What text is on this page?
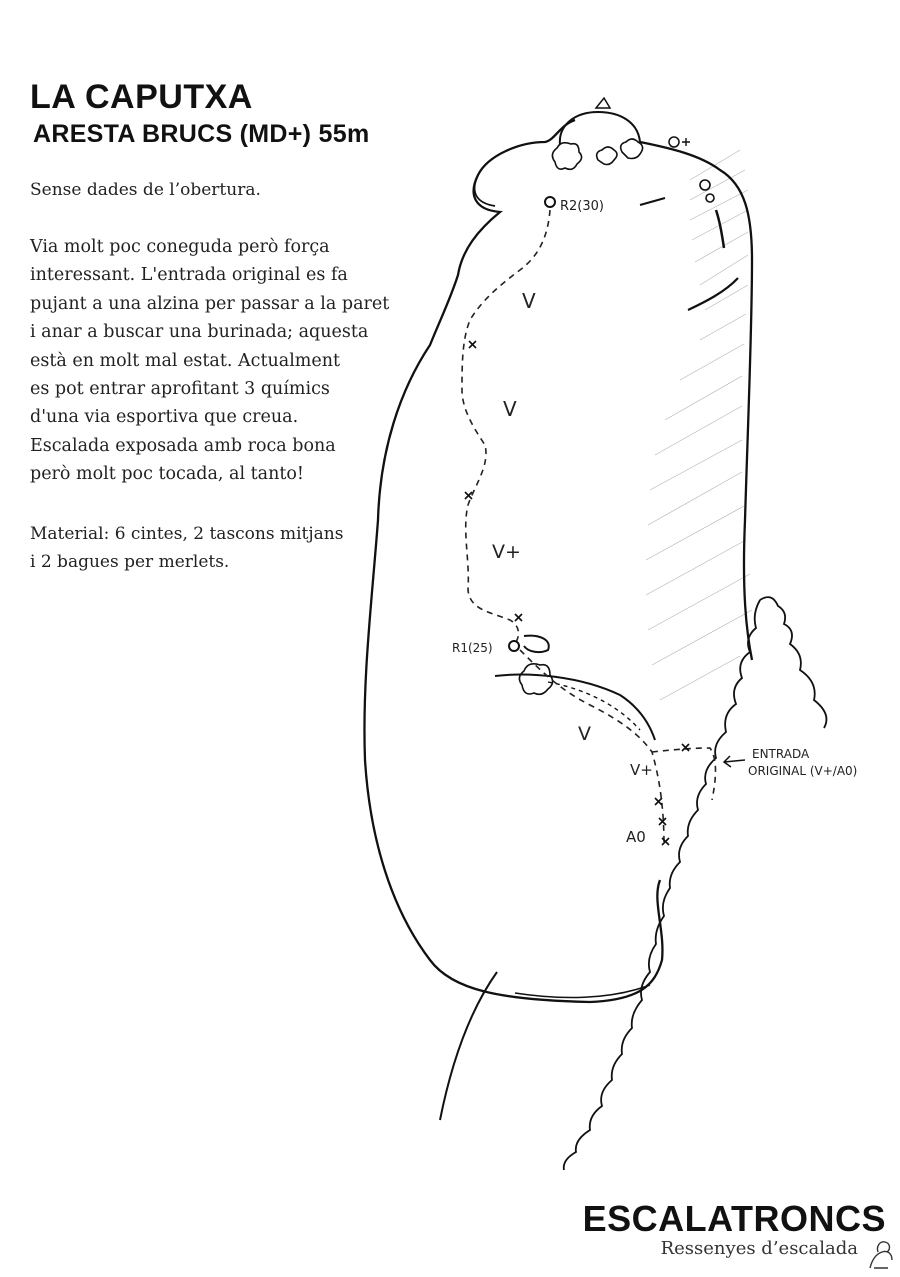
LA CAPUTXA
ARESTA BRUCS (MD+) 55m

Sense dades de l’obertura.

Via molt poc coneguda però força
interessant. L'entrada original es fa
pujant a una alzina per passar a la paret
i anar a buscar una burinada; aquesta
està en molt mal estat. Actualment
es pot entrar aprofitant 3 químics
d'una via esportiva que creua.
Escalada exposada amb roca bona
però molt poc tocada, al tanto!
Material: 6 cintes, 2 tascons mitjans
i 2 bagues per merlets.
R2(30)
R1(25)
V
V
V+
V
V+
A0
ENTRADA
ORIGINAL (V+/A0)

ESCALATRONCS

Ressenyes d’escalada
